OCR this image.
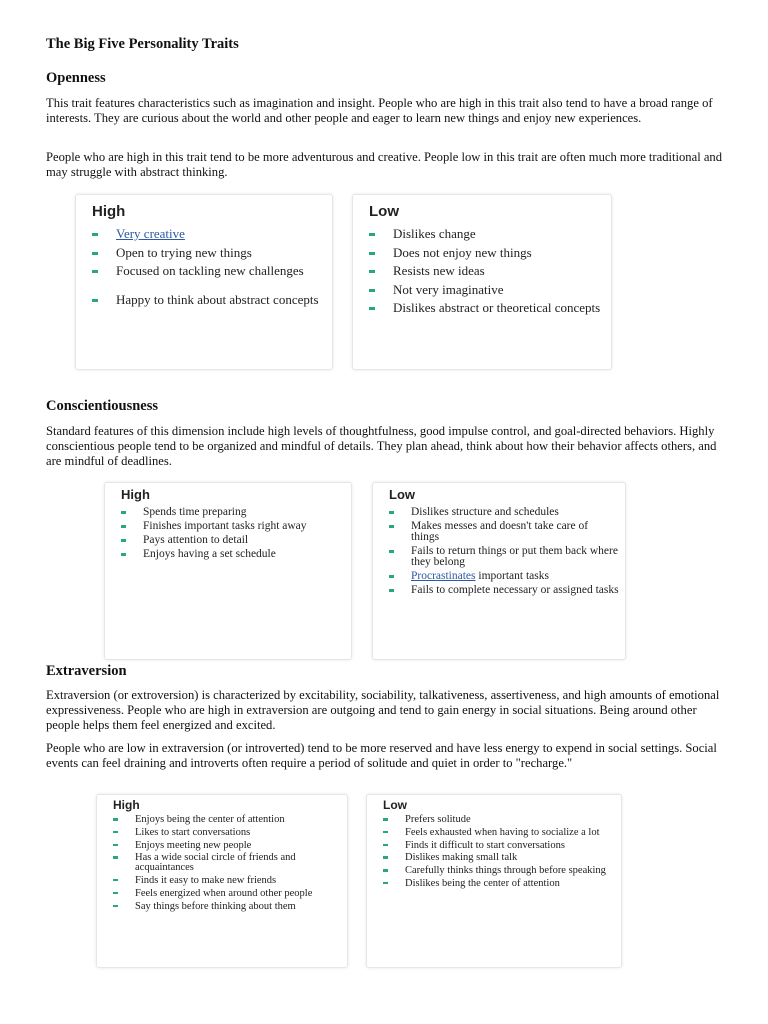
The Big Five Personality Traits
Openness

This trait features characteristics such as imagination and insight. People who are high in this trait also tend to have a broad range of interests. They are curious about the world and other people and eager to learn new things and enjoy new experiences.

People who are high in this trait tend to be more adventurous and creative. People low in this trait are often much more traditional and may struggle with abstract thinking.

High
Very creative
Open to trying new things
Focused on tackling new challenges
Happy to think about abstract concepts
Low
Dislikes change
Does not enjoy new things
Resists new ideas
Not very imaginative
Dislikes abstract or theoretical concepts
Conscientiousness

Standard features of this dimension include high levels of thoughtfulness, good impulse control, and goal-directed behaviors. Highly conscientious people tend to be organized and mindful of details. They plan ahead, think about how their behavior affects others, and are mindful of deadlines.

High
Spends time preparing
Finishes important tasks right away
Pays attention to detail
Enjoys having a set schedule
Low
Dislikes structure and schedules
Makes messes and doesn't take care of things
Fails to return things or put them back where they belong
Procrastinates important tasks
Fails to complete necessary or assigned tasks
Extraversion

Extraversion (or extroversion) is characterized by excitability, sociability, talkativeness, assertiveness, and high amounts of emotional expressiveness. People who are high in extraversion are outgoing and tend to gain energy in social situations. Being around other people helps them feel energized and excited.

People who are low in extraversion (or introverted) tend to be more reserved and have less energy to expend in social settings. Social events can feel draining and introverts often require a period of solitude and quiet in order to "recharge."

High
Enjoys being the center of attention
Likes to start conversations
Enjoys meeting new people
Has a wide social circle of friends and acquaintances
Finds it easy to make new friends
Feels energized when around other people
Say things before thinking about them
Low
Prefers solitude
Feels exhausted when having to socialize a lot
Finds it difficult to start conversations
Dislikes making small talk
Carefully thinks things through before speaking
Dislikes being the center of attention
